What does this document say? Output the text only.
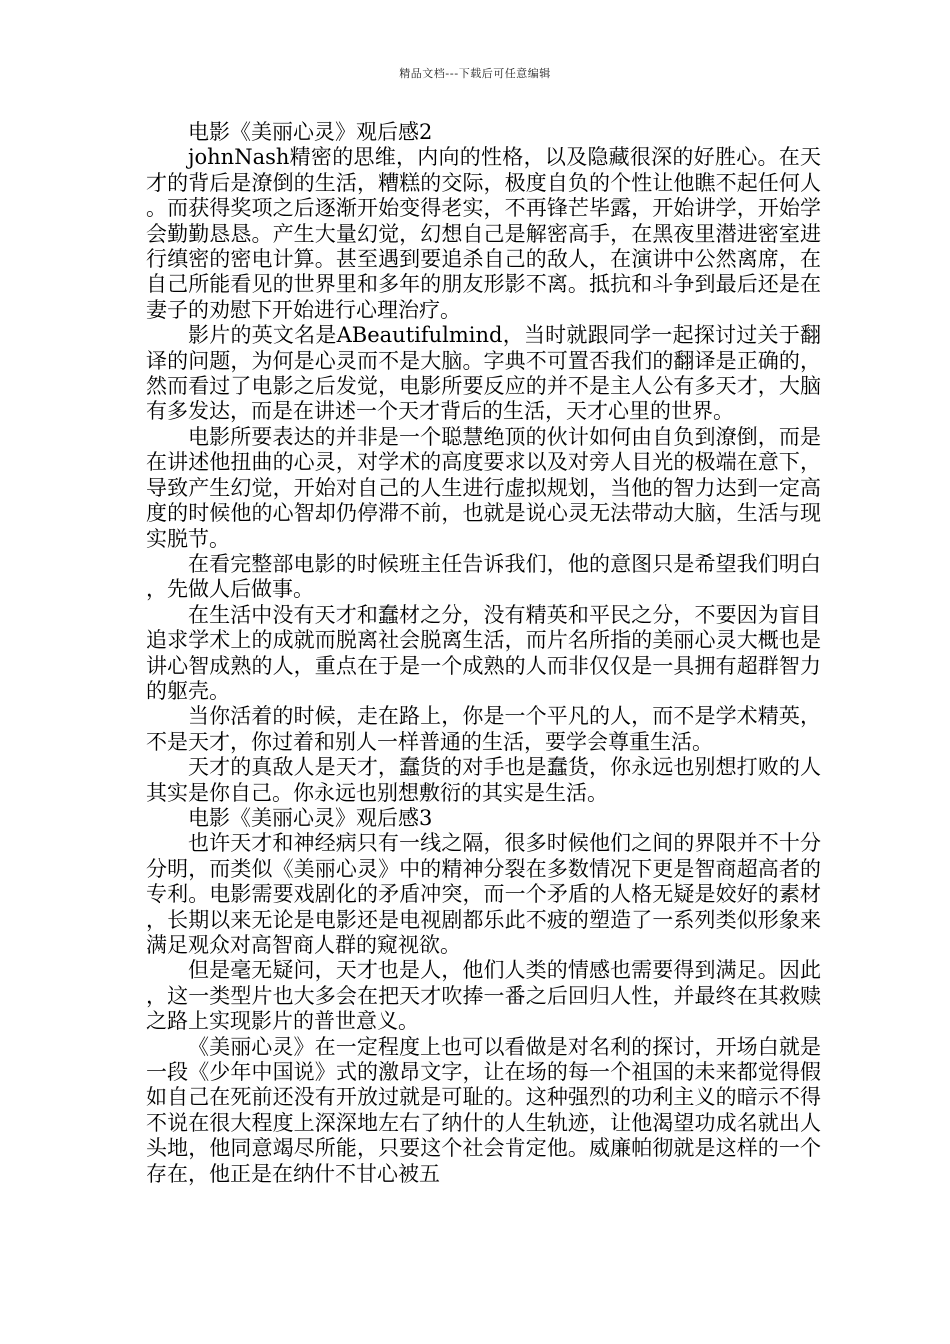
精品文档---下载后可任意编辑

电影《美丽心灵》观后感2

johnNash精密的思维，内向的性格，以及隐藏很深的好胜心。在天才的背后是潦倒的生活，糟糕的交际，极度自负的个性让他瞧不起任何人。而获得奖项之后逐渐开始变得老实，不再锋芒毕露，开始讲学，开始学会勤勤恳恳。产生大量幻觉，幻想自己是解密高手，在黑夜里潜进密室进行缜密的密电计算。甚至遇到要追杀自己的敌人，在演讲中公然离席，在自己所能看见的世界里和多年的朋友形影不离。抵抗和斗争到最后还是在妻子的劝慰下开始进行心理治疗。

影片的英文名是ABeautifulmind，当时就跟同学一起探讨过关于翻译的问题，为何是心灵而不是大脑。字典不可置否我们的翻译是正确的，然而看过了电影之后发觉，电影所要反应的并不是主人公有多天才，大脑有多发达，而是在讲述一个天才背后的生活，天才心里的世界。

电影所要表达的并非是一个聪慧绝顶的伙计如何由自负到潦倒，而是在讲述他扭曲的心灵，对学术的高度要求以及对旁人目光的极端在意下，导致产生幻觉，开始对自己的人生进行虚拟规划，当他的智力达到一定高度的时候他的心智却仍停滞不前，也就是说心灵无法带动大脑，生活与现实脱节。

在看完整部电影的时候班主任告诉我们，他的意图只是希望我们明白，先做人后做事。

在生活中没有天才和蠢材之分，没有精英和平民之分，不要因为盲目追求学术上的成就而脱离社会脱离生活，而片名所指的美丽心灵大概也是讲心智成熟的人，重点在于是一个成熟的人而非仅仅是一具拥有超群智力的躯壳。

当你活着的时候，走在路上，你是一个平凡的人，而不是学术精英，不是天才，你过着和别人一样普通的生活，要学会尊重生活。

天才的真敌人是天才，蠢货的对手也是蠢货，你永远也别想打败的人其实是你自己。你永远也别想敷衍的其实是生活。

电影《美丽心灵》观后感3

也许天才和神经病只有一线之隔，很多时候他们之间的界限并不十分分明，而类似《美丽心灵》中的精神分裂在多数情况下更是智商超高者的专利。电影需要戏剧化的矛盾冲突，而一个矛盾的人格无疑是姣好的素材，长期以来无论是电影还是电视剧都乐此不疲的塑造了一系列类似形象来满足观众对高智商人群的窥视欲。

但是毫无疑问，天才也是人，他们人类的情感也需要得到满足。因此，这一类型片也大多会在把天才吹捧一番之后回归人性，并最终在其救赎之路上实现影片的普世意义。

《美丽心灵》在一定程度上也可以看做是对名利的探讨，开场白就是一段《少年中国说》式的激昂文字，让在场的每一个祖国的未来都觉得假如自己在死前还没有开放过就是可耻的。这种强烈的功利主义的暗示不得不说在很大程度上深深地左右了纳什的人生轨迹，让他渴望功成名就出人头地，他同意竭尽所能，只要这个社会肯定他。威廉帕彻就是这样的一个存在，他正是在纳什不甘心被五
